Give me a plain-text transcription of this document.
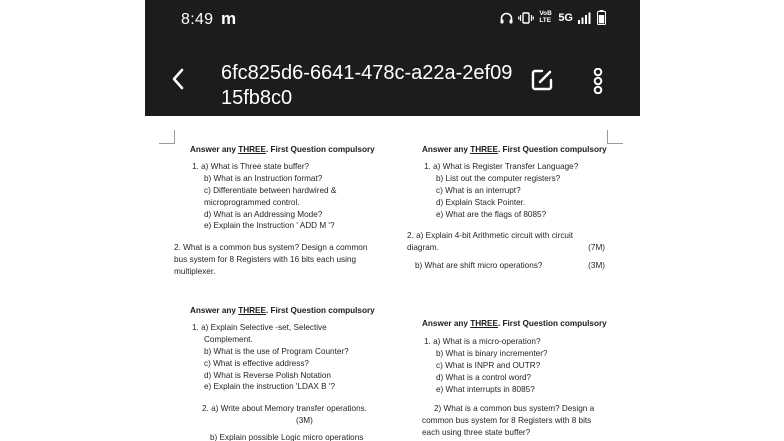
8:49 m	VoB LTE 5G
6fc825d6-6641-478c-a22a-2ef0915fb8c0
Answer any THREE. First Question compulsory
1. a) What is Three state buffer?
b) What is an Instruction format?
c) Differentiate between hardwired &
microprogrammed control.
d) What is an Addressing Mode?
e) Explain the Instruction ' ADD M '?
2. What is a common bus system? Design a common
bus system for 8 Registers with 16 bits each using
multiplexer.
Answer any THREE. First Question compulsory
1. a) What is Register Transfer Language?
b) List out the computer registers?
c) What is an interrupt?
d) Explain Stack Pointer.
e) What are the flags of 8085?
2. a) Explain 4-bit Arithmetic circuit with circuit
diagram.	(7M)
b) What are shift micro operations?	(3M)
Answer any THREE. First Question compulsory
1. a) Explain Selective -set, Selective
Complement.
b) What is the use of Program Counter?
c) What is effective address?
d) What is Reverse Polish Notation
e) Explain the instruction 'LDAX B '?
2. a) Write about Memory transfer operations.
(3M)
b) Explain possible Logic micro operations
Answer any THREE. First Question compulsory
1. a) What is a micro-operation?
b) What is binary incrementer?
c) What is INPR and OUTR?
d) What is a control word?
e) What interrupts in 8085?
2) What is a common bus system? Design a
common bus system for 8 Registers with 8 bits
each using three state buffer?
